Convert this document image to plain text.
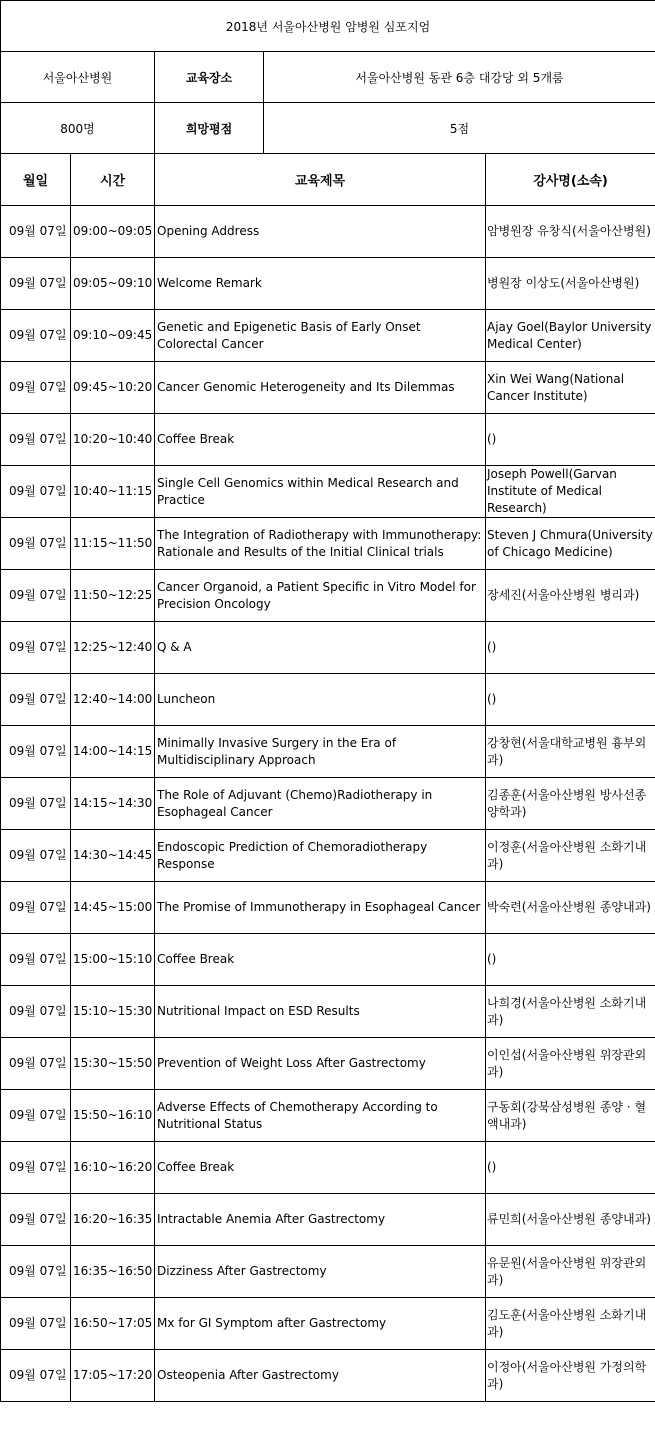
2018년 서울아산병원 암병원 심포지엄				
서울아산병원		교육장소	서울아산병원 동관 6층 대강당 외 5개룸	
800명		희망평점	5점	
월일	시간	교육제목		강사명(소속)
09월 07일	09:00~09:05	Opening Address		암병원장 유창식(서울아산병원)
09월 07일	09:05~09:10	Welcome Remark		병원장 이상도(서울아산병원)
09월 07일	09:10~09:45	Genetic and Epigenetic Basis of Early Onset Colorectal Cancer		Ajay Goel(Baylor University Medical Center)
09월 07일	09:45~10:20	Cancer Genomic Heterogeneity and Its Dilemmas		Xin Wei Wang(National Cancer Institute)
09월 07일	10:20~10:40	Coffee Break		()
09월 07일	10:40~11:15	Single Cell Genomics within Medical Research and Practice		Joseph Powell(Garvan Institute of Medical Research)
09월 07일	11:15~11:50	The Integration of Radiotherapy with Immunotherapy: Rationale and Results of the Initial Clinical trials		Steven J Chmura(University of Chicago Medicine)
09월 07일	11:50~12:25	Cancer Organoid, a Patient Specific in Vitro Model for Precision Oncology		장세진(서울아산병원 병리과)
09월 07일	12:25~12:40	Q & A		()
09월 07일	12:40~14:00	Luncheon		()
09월 07일	14:00~14:15	Minimally Invasive Surgery in the Era of Multidisciplinary Approach		강창현(서울대학교병원 흉부외과)
09월 07일	14:15~14:30	The Role of Adjuvant (Chemo)Radiotherapy in Esophageal Cancer		김종훈(서울아산병원 방사선종양학과)
09월 07일	14:30~14:45	Endoscopic Prediction of Chemoradiotherapy Response		이정훈(서울아산병원 소화기내과)
09월 07일	14:45~15:00	The Promise of Immunotherapy in Esophageal Cancer		박숙련(서울아산병원 종양내과)
09월 07일	15:00~15:10	Coffee Break		()
09월 07일	15:10~15:30	Nutritional Impact on ESD Results		나희경(서울아산병원 소화기내과)
09월 07일	15:30~15:50	Prevention of Weight Loss After Gastrectomy		이인섭(서울아산병원 위장관외과)
09월 07일	15:50~16:10	Adverse Effects of Chemotherapy According to Nutritional Status		구동회(강북삼성병원 종양 · 혈액내과)
09월 07일	16:10~16:20	Coffee Break		()
09월 07일	16:20~16:35	Intractable Anemia After Gastrectomy		류민희(서울아산병원 종양내과)
09월 07일	16:35~16:50	Dizziness After Gastrectomy		유문원(서울아산병원 위장관외과)
09월 07일	16:50~17:05	Mx for GI Symptom after Gastrectomy		김도훈(서울아산병원 소화기내과)
09월 07일	17:05~17:20	Osteopenia After Gastrectomy		이정아(서울아산병원 가정의학과)
